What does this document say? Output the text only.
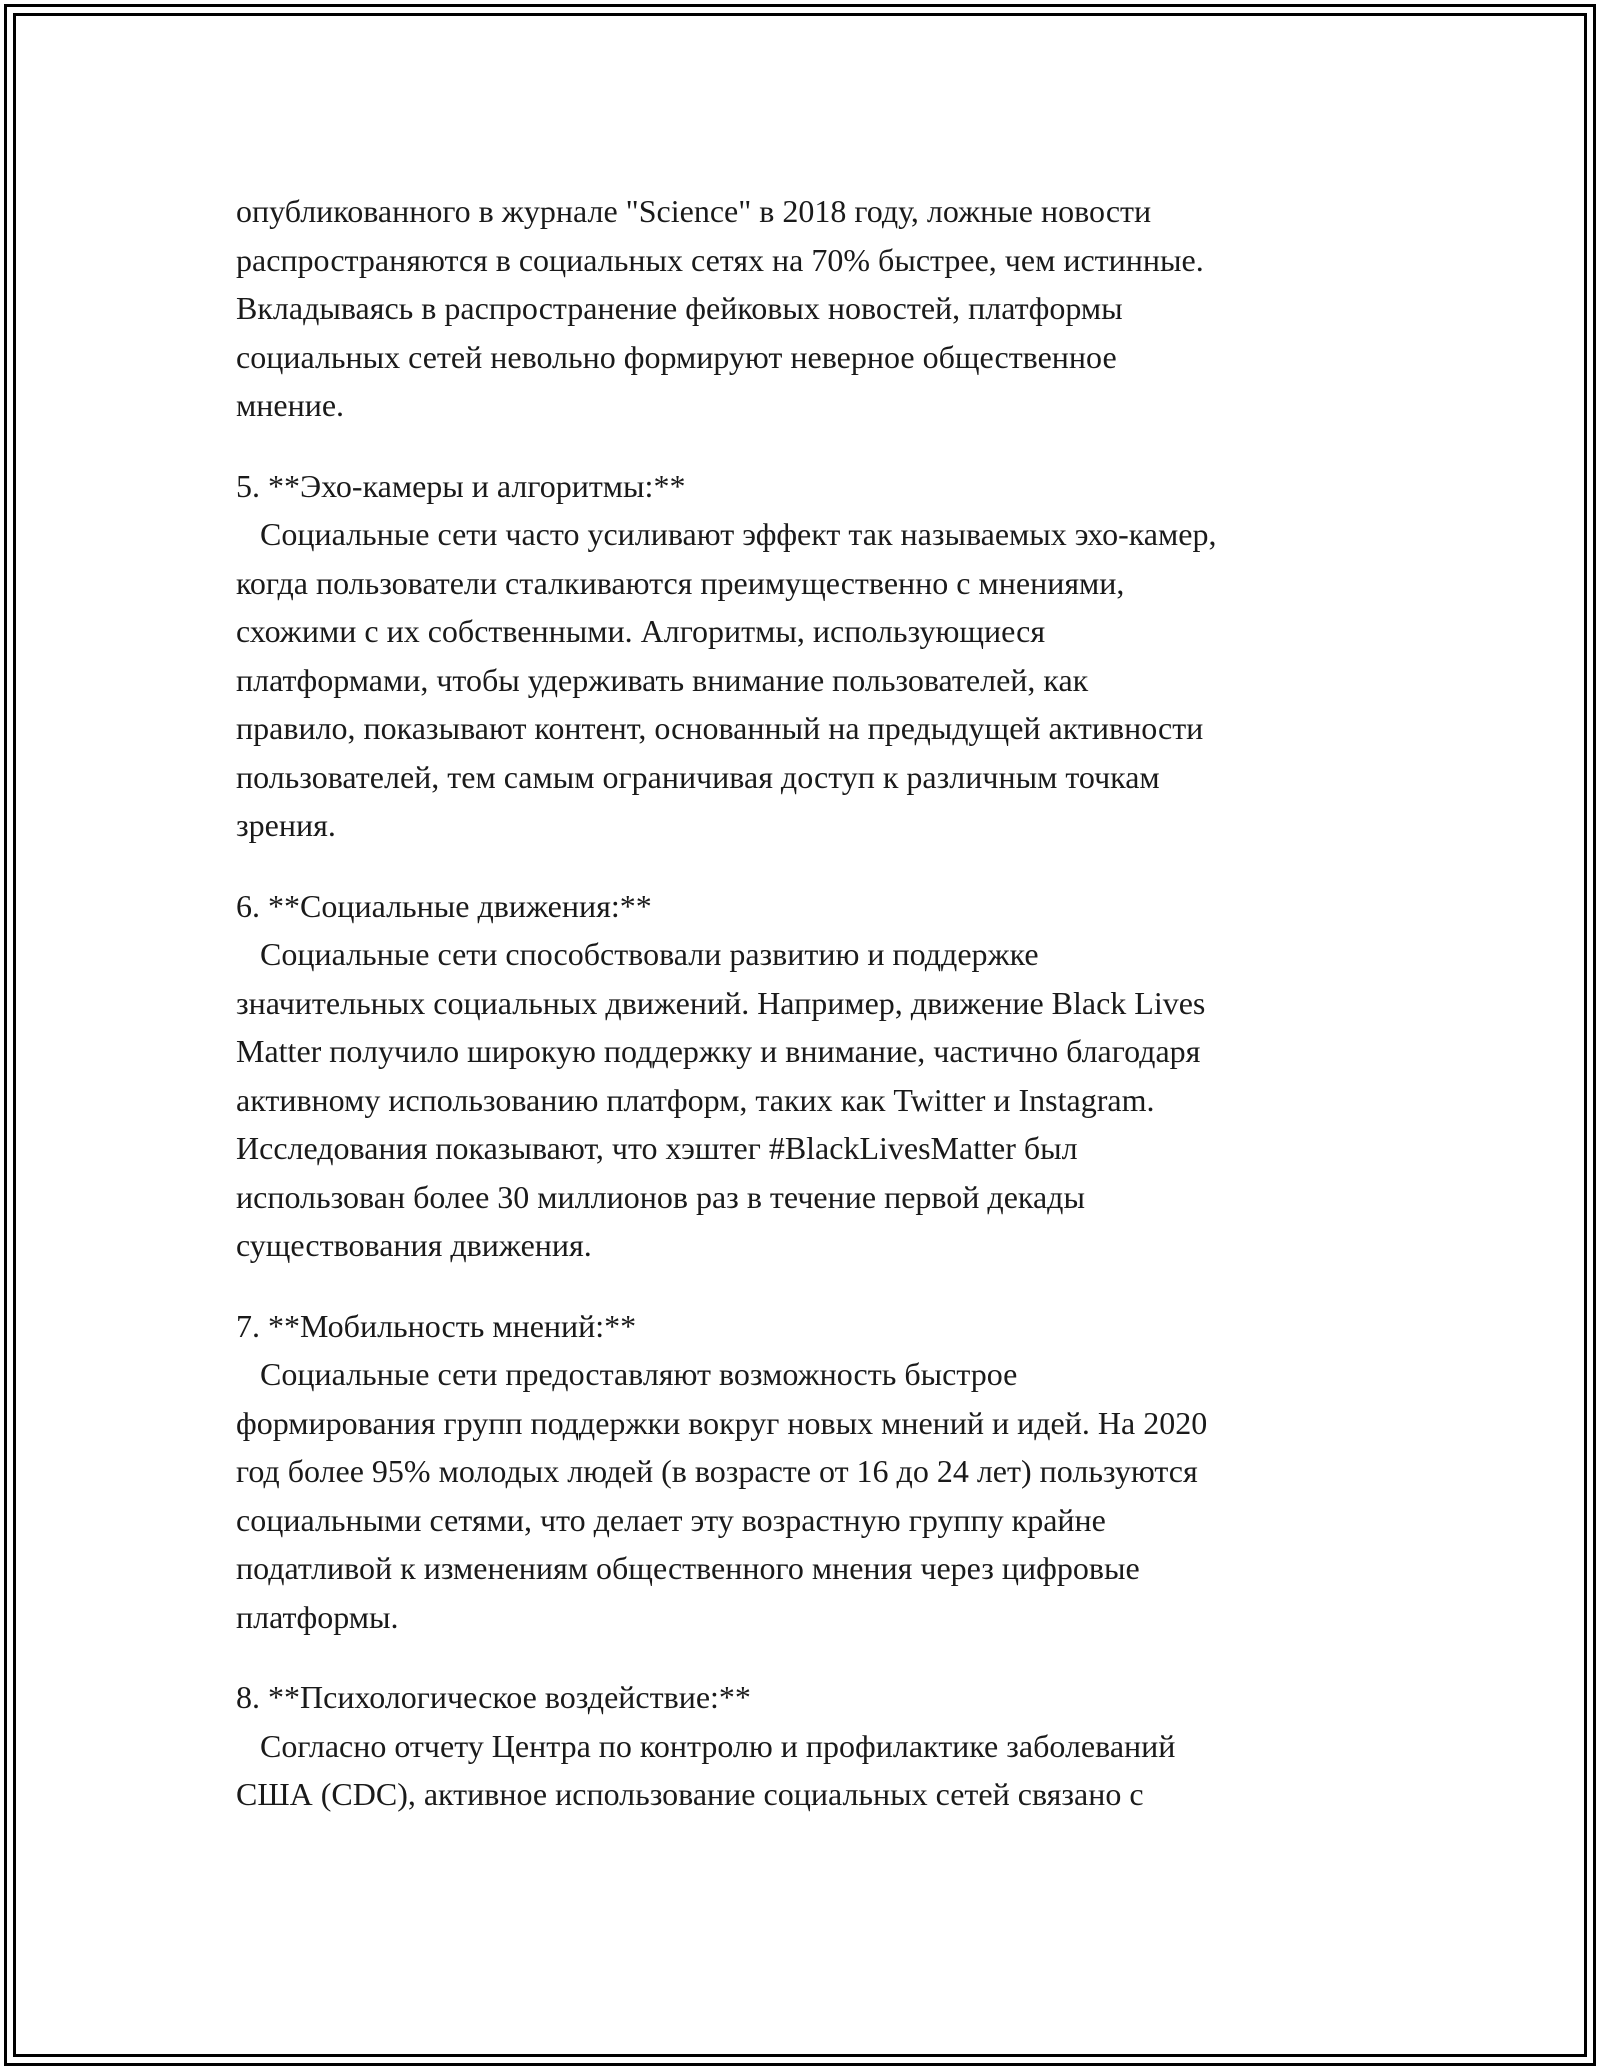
опубликованного в журнале "Science" в 2018 году, ложные новости
распространяются в социальных сетях на 70% быстрее, чем истинные.
Вкладываясь в распространение фейковых новостей, платформы
социальных сетей невольно формируют неверное общественное
мнение.
5. **Эхо-камеры и алгоритмы:**
Социальные сети часто усиливают эффект так называемых эхо-камер,
когда пользователи сталкиваются преимущественно с мнениями,
схожими с их собственными. Алгоритмы, использующиеся
платформами, чтобы удерживать внимание пользователей, как
правило, показывают контент, основанный на предыдущей активности
пользователей, тем самым ограничивая доступ к различным точкам
зрения.
6. **Социальные движения:**
Социальные сети способствовали развитию и поддержке
значительных социальных движений. Например, движение Black Lives
Matter получило широкую поддержку и внимание, частично благодаря
активному использованию платформ, таких как Twitter и Instagram.
Исследования показывают, что хэштег #BlackLivesMatter был
использован более 30 миллионов раз в течение первой декады
существования движения.
7. **Мобильность мнений:**
Социальные сети предоставляют возможность быстрое
формирования групп поддержки вокруг новых мнений и идей. На 2020
год более 95% молодых людей (в возрасте от 16 до 24 лет) пользуются
социальными сетями, что делает эту возрастную группу крайне
податливой к изменениям общественного мнения через цифровые
платформы.
8. **Психологическое воздействие:**
Согласно отчету Центра по контролю и профилактике заболеваний
США (CDC), активное использование социальных сетей связано с
